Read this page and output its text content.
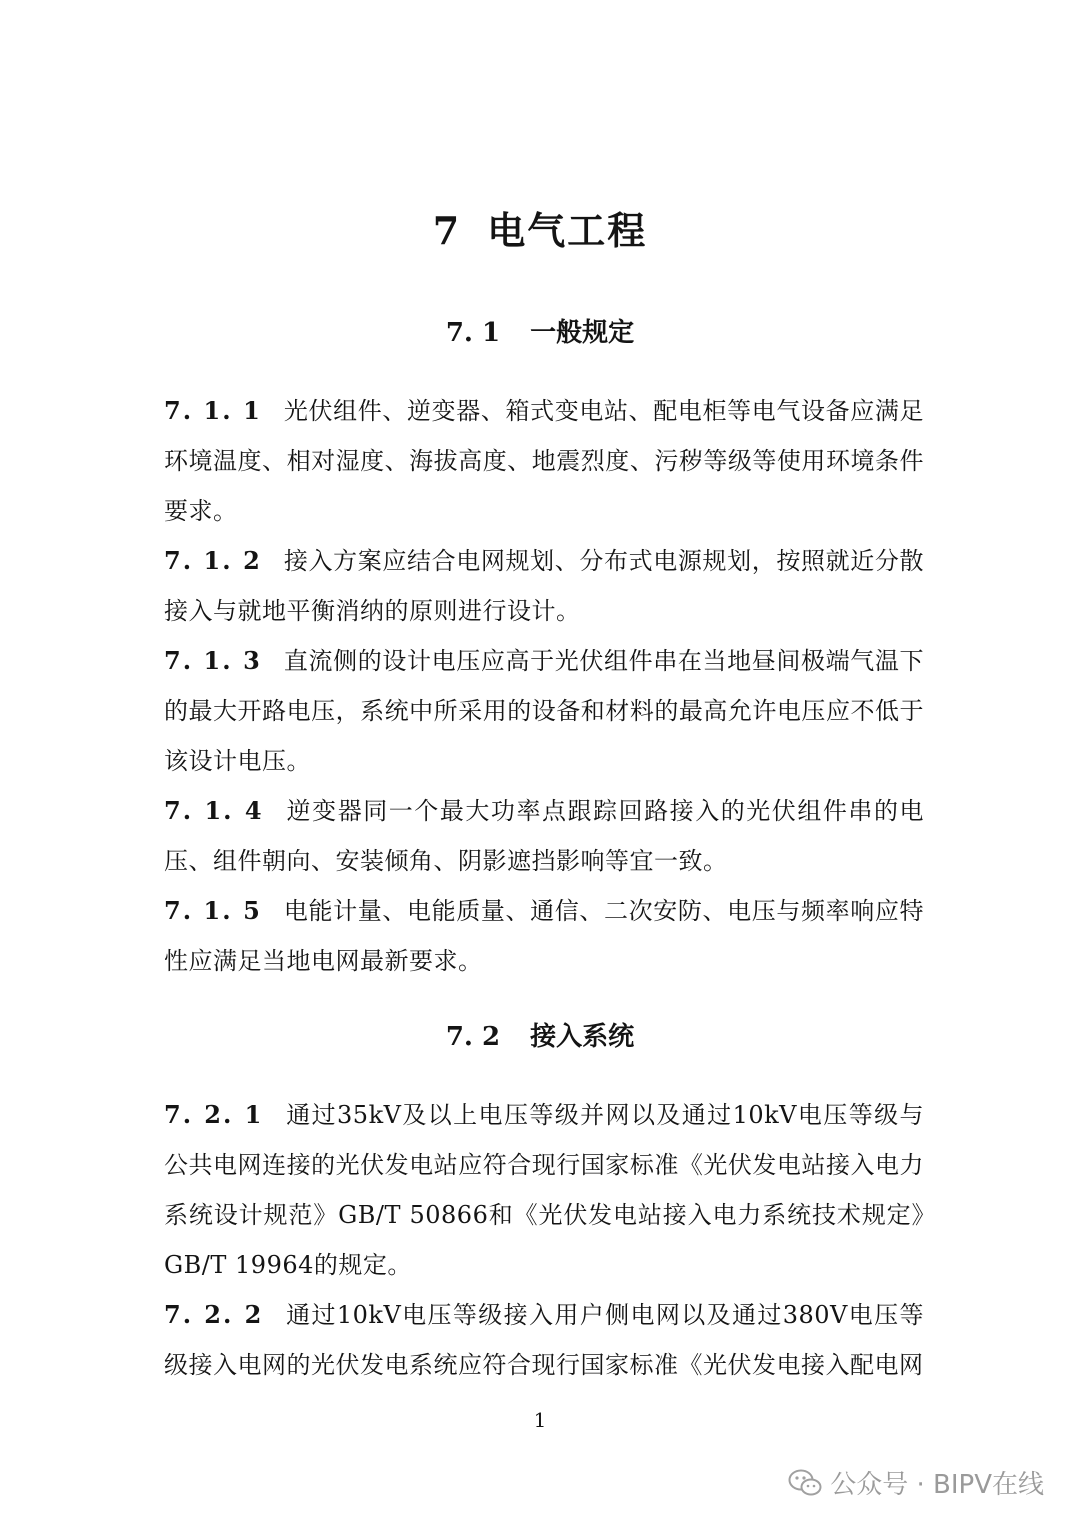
7 电气工程
7. 1 一般规定

7. 1. 1 光伏组件、逆变器、箱式变电站、配电柜等电气设备应满足环境温度、相对湿度、海拔高度、地震烈度、污秽等级等使用环境条件要求。

7. 1. 2 接入方案应结合电网规划、分布式电源规划，按照就近分散接入与就地平衡消纳的原则进行设计。

7. 1. 3 直流侧的设计电压应高于光伏组件串在当地昼间极端气温下的最大开路电压，系统中所采用的设备和材料的最高允许电压应不低于该设计电压。

7. 1. 4 逆变器同一个最大功率点跟踪回路接入的光伏组件串的电压、组件朝向、安装倾角、阴影遮挡影响等宜一致。

7. 1. 5 电能计量、电能质量、通信、二次安防、电压与频率响应特性应满足当地电网最新要求。

7. 2 接入系统

7. 2. 1 通过35kV及以上电压等级并网以及通过10kV电压等级与公共电网连接的光伏发电站应符合现行国家标准《光伏发电站接入电力系统设计规范》GB/T 50866和《光伏发电站接入电力系统技术规定》GB/T 19964的规定。

7. 2. 2 通过10kV电压等级接入用户侧电网以及通过380V电压等级接入电网的光伏发电系统应符合现行国家标准《光伏发电接入配电网

1
公众号 · BIPV在线
